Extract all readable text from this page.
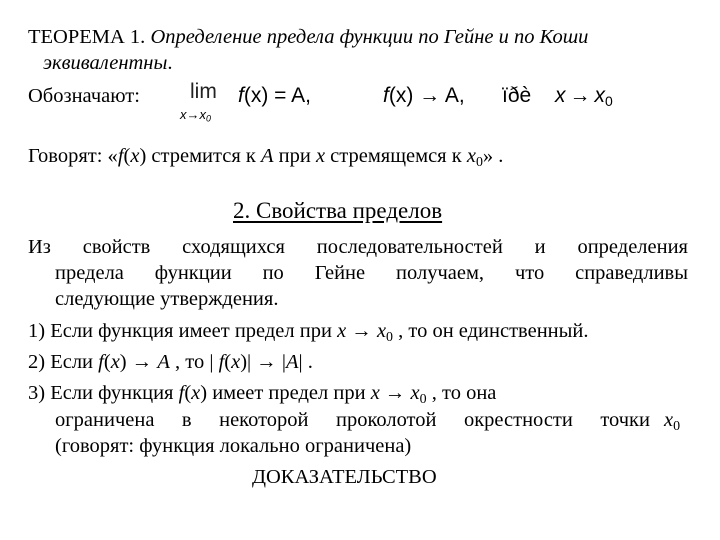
ТЕОРЕМА 1. Определение предела функции по Гейне и по Коши
эквивалентны.
Обозначают: lim
$x\to x_0$
f(x) = A,	f(x) → A, ïðè $x \to x_0$
Говорят: «f(x) стремится к A при x стремящемся к $x_0$» .
2. Свойства пределов
Из свойств сходящихся последовательностей и определения
предела функции по Гейне получаем, что справедливы
следующие утверждения.
1) Если функция имеет предел при $x \to x_0$ , то он единственный.
2) Если f(x) → A , то | f(x)| → |A| .
3) Если функция f(x) имеет предел при $x \to x_0$ , то она
ограничена в некоторой проколотой окрестности точки $x_0$
(говорят: функция локально ограничена)
ДОКАЗАТЕЛЬСТВО
